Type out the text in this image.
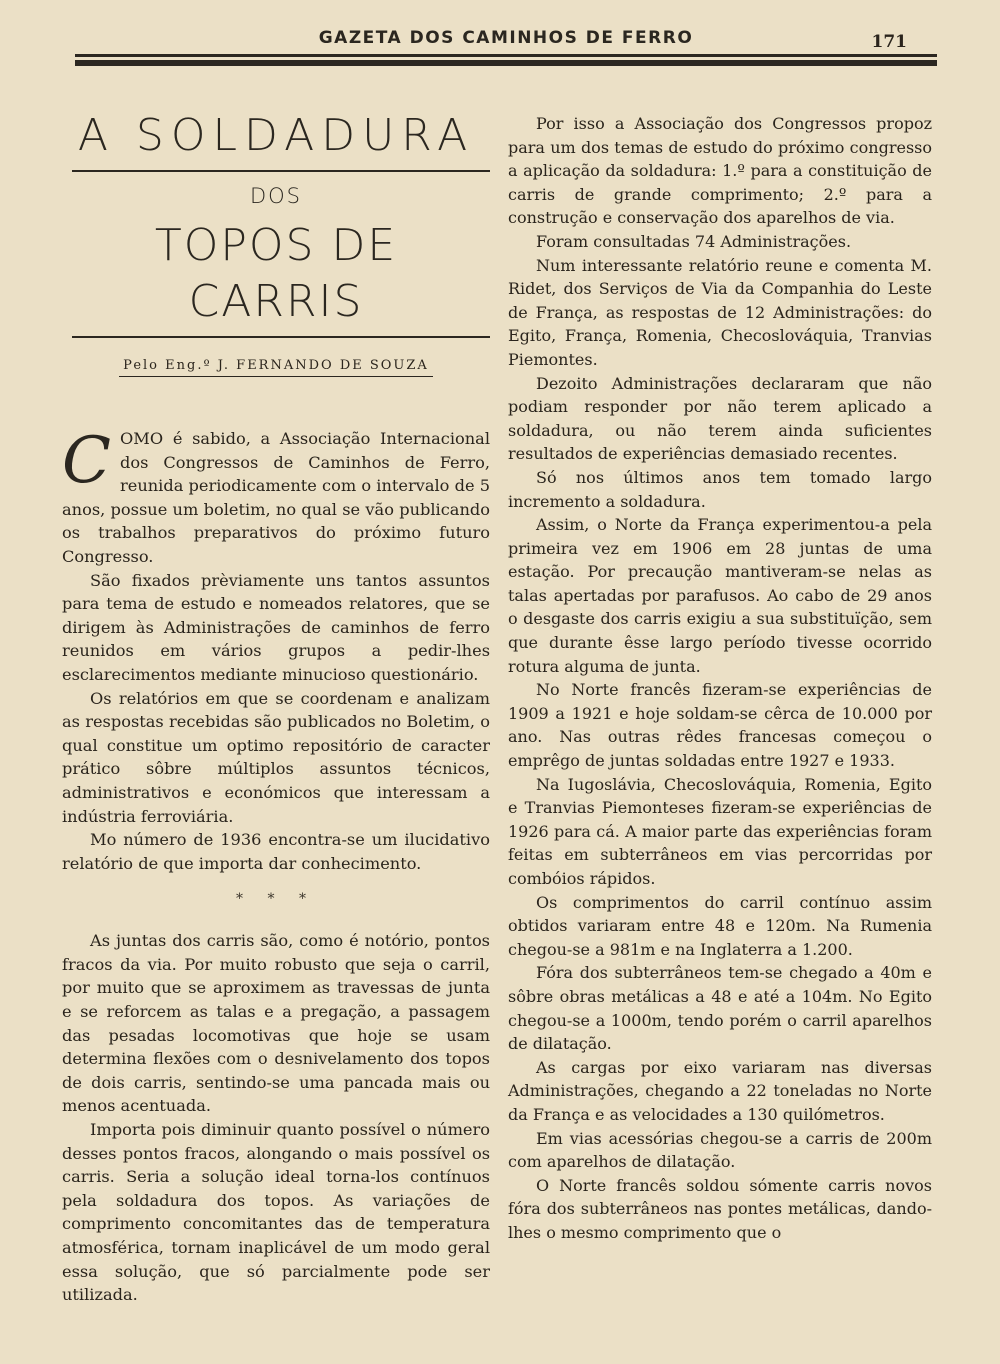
GAZETA DOS CAMINHOS DE FERRO	171
A SOLDADURA
DOS
TOPOS DE CARRIS
Pelo Eng.º J. FERNANDO DE SOUZA

COMO é sabido, a Associação Internacional dos Congressos de Caminhos de Ferro, reunida periodicamente com o intervalo de 5 anos, possue um boletim, no qual se vão publicando os trabalhos preparativos do próximo futuro Congresso.

São fixados prèviamente uns tantos assuntos para tema de estudo e nomeados relatores, que se dirigem às Administrações de caminhos de ferro reunidos em vários grupos a pedir-lhes esclarecimentos mediante minucioso questionário.

Os relatórios em que se coordenam e analizam as respostas recebidas são publicados no Boletim, o qual constitue um optimo repositório de caracter prático sôbre múltiplos assuntos técnicos, administrativos e económicos que interessam a indústria ferroviária.

Mo número de 1936 encontra-se um ilucidativo relatório de que importa dar conhecimento.

* * *

As juntas dos carris são, como é notório, pontos fracos da via. Por muito robusto que seja o carril, por muito que se aproximem as travessas de junta e se reforcem as talas e a pregação, a passagem das pesadas locomotivas que hoje se usam determina flexões com o desnivelamento dos topos de dois carris, sentindo-se uma pancada mais ou menos acentuada.

Importa pois diminuir quanto possível o número desses pontos fracos, alongando o mais possível os carris. Seria a solução ideal torna-los contínuos pela soldadura dos topos. As variações de comprimento concomitantes das de temperatura atmosférica, tornam inaplicável de um modo geral essa solução, que só parcialmente pode ser utilizada.

Por isso a Associação dos Congressos propoz para um dos temas de estudo do próximo congresso a aplicação da soldadura: 1.º para a constituição de carris de grande comprimento; 2.º para a construção e conservação dos aparelhos de via.

Foram consultadas 74 Administrações.

Num interessante relatório reune e comenta M. Ridet, dos Serviços de Via da Companhia do Leste de França, as respostas de 12 Administrações: do Egito, França, Romenia, Checoslováquia, Tranvias Piemontes.

Dezoito Administrações declararam que não podiam responder por não terem aplicado a soldadura, ou não terem ainda suficientes resultados de experiências demasiado recentes.

Só nos últimos anos tem tomado largo incremento a soldadura.

Assim, o Norte da França experimentou-a pela primeira vez em 1906 em 28 juntas de uma estação. Por precaução mantiveram-se nelas as talas apertadas por parafusos. Ao cabo de 29 anos o desgaste dos carris exigiu a sua substituïção, sem que durante êsse largo período tivesse ocorrido rotura alguma de junta.

No Norte francês fizeram-se experiências de 1909 a 1921 e hoje soldam-se cêrca de 10.000 por ano. Nas outras rêdes francesas começou o emprêgo de juntas soldadas entre 1927 e 1933.

Na Iugoslávia, Checoslováquia, Romenia, Egito e Tranvias Piemonteses fizeram-se experiências de 1926 para cá. A maior parte das experiências foram feitas em subterrâneos em vias percorridas por combóios rápidos.

Os comprimentos do carril contínuo assim obtidos variaram entre 48 e 120m. Na Rumenia chegou-se a 981m e na Inglaterra a 1.200.

Fóra dos subterrâneos tem-se chegado a 40m e sôbre obras metálicas a 48 e até a 104m. No Egito chegou-se a 1000m, tendo porém o carril aparelhos de dilatação.

As cargas por eixo variaram nas diversas Administrações, chegando a 22 toneladas no Norte da França e as velocidades a 130 quilómetros.

Em vias acessórias chegou-se a carris de 200m com aparelhos de dilatação.

O Norte francês soldou sómente carris novos fóra dos subterrâneos nas pontes metálicas, dando-lhes o mesmo comprimento que o
